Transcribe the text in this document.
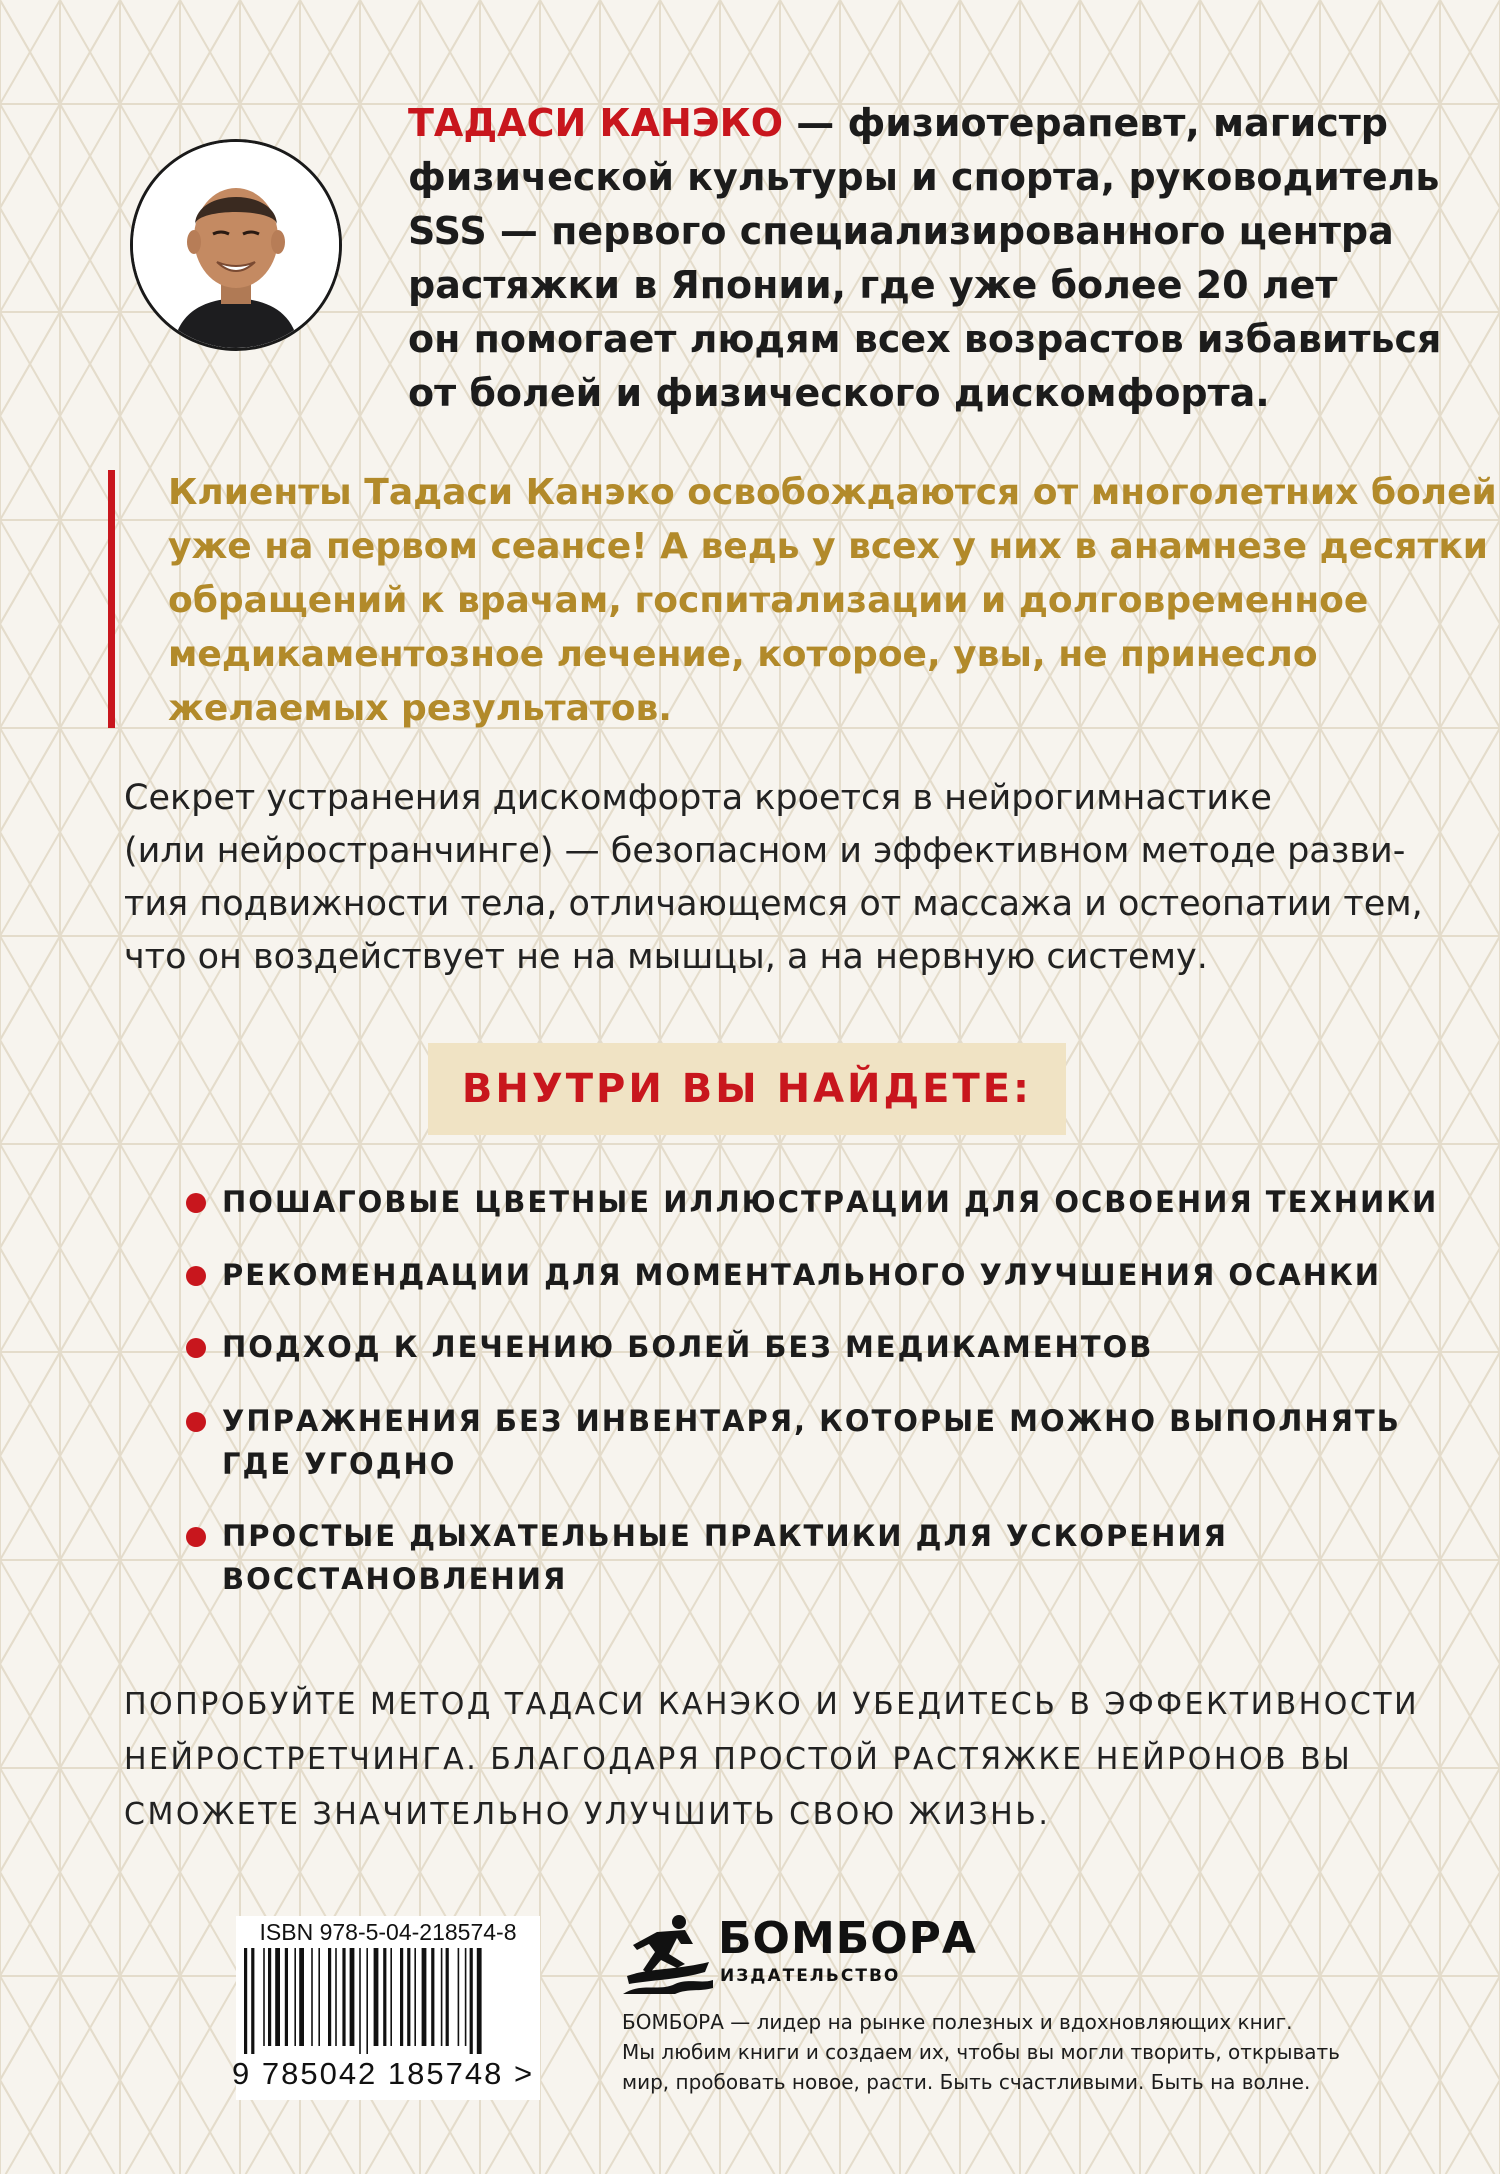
ТАДАСИ КАНЭКО — физиотерапевт, магистр
физической культуры и спорта, руководитель
SSS — первого специализированного центра
растяжки в Японии, где уже более 20 лет
он помогает людям всех возрастов избавиться
от болей и физического дискомфорта.
Клиенты Тадаси Канэко освобождаются от многолетних болей
уже на первом сеансе! А ведь у всех у них в анамнезе десятки
обращений к врачам, госпитализации и долговременное
медикаментозное лечение, которое, увы, не принесло
желаемых результатов.
Секрет устранения дискомфорта кроется в нейрогимнастике
(или нейространчинге) — безопасном и эффективном методе разви-
тия подвижности тела, отличающемся от массажа и остеопатии тем,
что он воздействует не на мышцы, а на нервную систему.
ВНУТРИ ВЫ НАЙДЕТЕ:
ПОШАГОВЫЕ ЦВЕТНЫЕ ИЛЛЮСТРАЦИИ ДЛЯ ОСВОЕНИЯ ТЕХНИКИ
РЕКОМЕНДАЦИИ ДЛЯ МОМЕНТАЛЬНОГО УЛУЧШЕНИЯ ОСАНКИ
ПОДХОД К ЛЕЧЕНИЮ БОЛЕЙ БЕЗ МЕДИКАМЕНТОВ
УПРАЖНЕНИЯ БЕЗ ИНВЕНТАРЯ, КОТОРЫЕ МОЖНО ВЫПОЛНЯТЬ
ГДЕ УГОДНО
ПРОСТЫЕ ДЫХАТЕЛЬНЫЕ ПРАКТИКИ ДЛЯ УСКОРЕНИЯ
ВОССТАНОВЛЕНИЯ
ПОПРОБУЙТЕ МЕТОД ТАДАСИ КАНЭКО И УБЕДИТЕСЬ В ЭФФЕКТИВНОСТИ
НЕЙРОСТРЕТЧИНГА. БЛАГОДАРЯ ПРОСТОЙ РАСТЯЖКЕ НЕЙРОНОВ ВЫ
СМОЖЕТЕ ЗНАЧИТЕЛЬНО УЛУЧШИТЬ СВОЮ ЖИЗНЬ.
ISBN 978-5-04-218574-8
9 785042 185748 >
БОМБОРА
ИЗДАТЕЛЬСТВО
БОМБОРА — лидер на рынке полезных и вдохновляющих книг.
Мы любим книги и создаем их, чтобы вы могли творить, открывать
мир, пробовать новое, расти. Быть счастливыми. Быть на волне.
